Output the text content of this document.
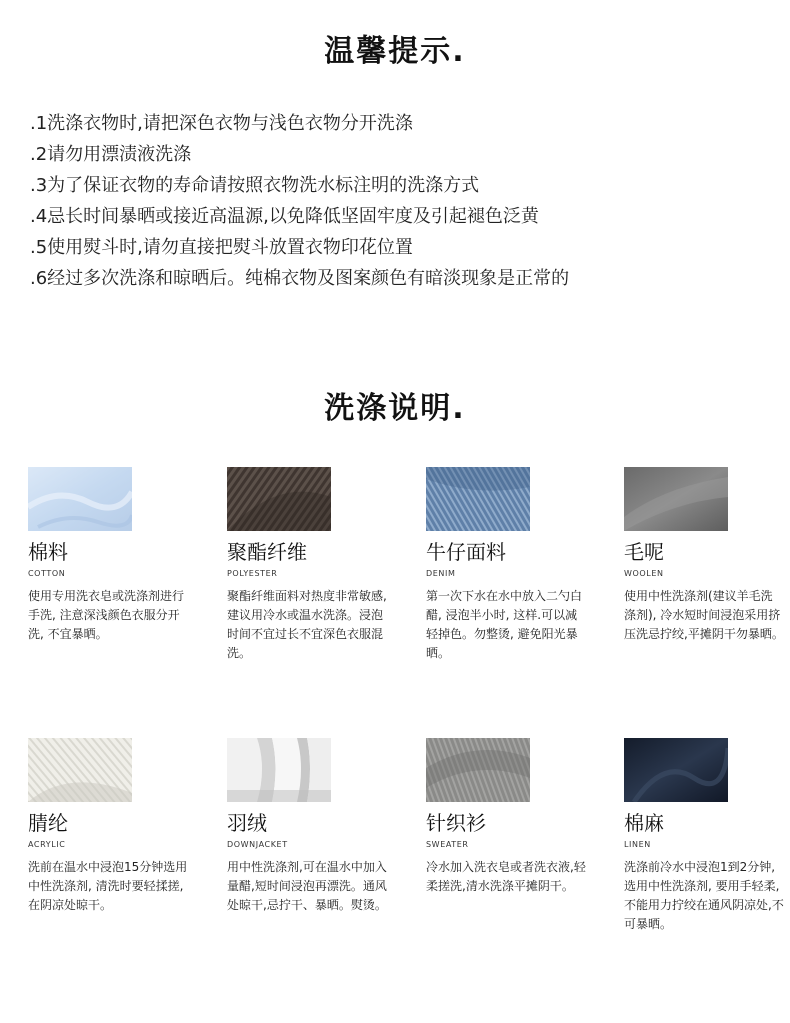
温馨提示.
.1洗涤衣物时,请把深色衣物与浅色衣物分开洗涤
.2请勿用漂渍液洗涤
.3为了保证衣物的寿命请按照衣物洗水标注明的洗涤方式
.4忌长时间暴晒或接近高温源,以免降低坚固牢度及引起褪色泛黄
.5使用熨斗时,请勿直接把熨斗放置衣物印花位置
.6经过多次洗涤和晾晒后。纯棉衣物及图案颜色有暗淡现象是正常的
洗涤说明.
棉料
COTTON
使用专用洗衣皂或洗涤剂进行手洗, 注意深浅颜色衣服分开洗, 不宜暴晒。
聚酯纤维
POLYESTER
聚酯纤维面料对热度非常敏感, 建议用冷水或温水洗涤。浸泡时间不宜过长不宜深色衣服混洗。
牛仔面料
DENIM
第一次下水在水中放入二勺白醋, 浸泡半小时, 这样.可以减轻掉色。勿整烫, 避免阳光暴晒。
毛呢
WOOLEN
使用中性洗涤剂(建议羊毛洗涤剂), 冷水短时间浸泡采用挤压洗忌拧绞,平摊阴干勿暴晒。
腈纶
ACRYLIC
洗前在温水中浸泡15分钟选用中性洗涤剂, 清洗时要轻揉搓, 在阴凉处晾干。
羽绒
DOWNJACKET
用中性洗涤剂,可在温水中加入量醋,短时间浸泡再漂洗。通风处晾干,忌拧干、暴晒。熨烫。
针织衫
SWEATER
冷水加入洗衣皂或者洗衣液,轻柔搓洗,清水洗涤平摊阴干。
棉麻
LINEN
洗涤前冷水中浸泡1到2分钟,选用中性洗涤剂, 要用手轻柔,不能用力拧绞在通风阴凉处,不可暴晒。
